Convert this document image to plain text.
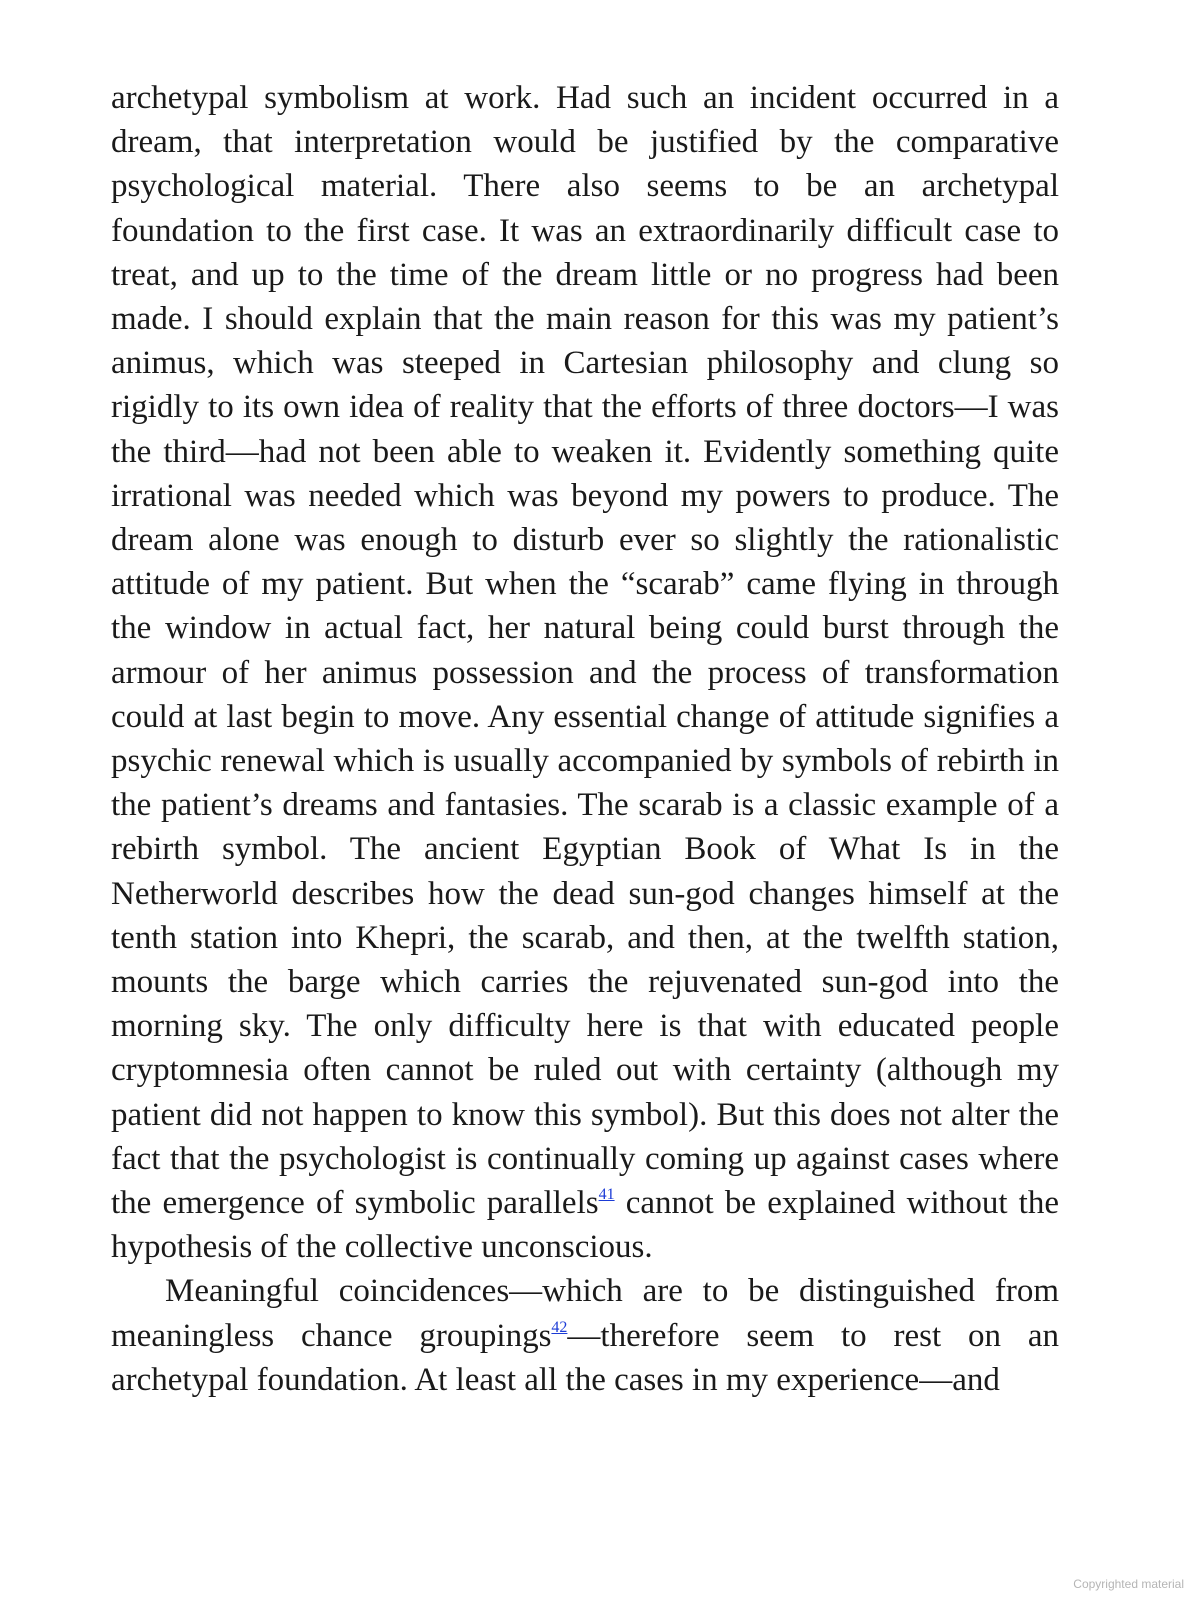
archetypal symbolism at work. Had such an incident occurred in a dream, that interpretation would be justified by the comparative psychological material. There also seems to be an archetypal foundation to the first case. It was an extraordinarily difficult case to treat, and up to the time of the dream little or no progress had been made. I should explain that the main reason for this was my patient’s animus, which was steeped in Cartesian philosophy and clung so rigidly to its own idea of reality that the efforts of three doctors—I was the third—had not been able to weaken it. Evidently something quite irrational was needed which was beyond my powers to produce. The dream alone was enough to disturb ever so slightly the rationalistic attitude of my patient. But when the “scarab” came flying in through the window in actual fact, her natural being could burst through the armour of her animus possession and the process of transformation could at last begin to move. Any essential change of attitude signifies a psychic renewal which is usually accompanied by symbols of rebirth in the patient’s dreams and fantasies. The scarab is a classic example of a rebirth symbol. The ancient Egyptian Book of What Is in the Netherworld describes how the dead sun-god changes himself at the tenth station into Khepri, the scarab, and then, at the twelfth station, mounts the barge which carries the rejuvenated sun-god into the morning sky. The only difficulty here is that with educated people cryptomnesia often cannot be ruled out with certainty (although my patient did not happen to know this symbol). But this does not alter the fact that the psychologist is continually coming up against cases where the emergence of symbolic parallels$^{41}$ cannot be explained without the hypothesis of the collective unconscious.

Meaningful coincidences—which are to be distinguished from meaningless chance groupings$^{42}$—therefore seem to rest on an archetypal foundation. At least all the cases in my experience—and

Copyrighted material
